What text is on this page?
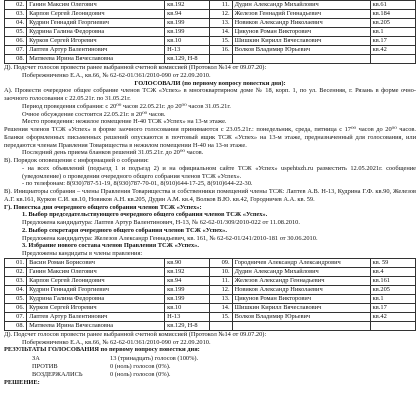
02.	Ганин Максим Олегович	кв.192	11.	Дудин Александр Михайлович	кв.61
03.	Карпов Сергей Леонидович	кв.94	12.	Железов Геннадий Геннадьевич	кв.184
04.	Кудрин Геннадий Георгиевич	кв.199	13.	Новиков Александр Николаевич	кв.205
05.	Кудрина Галина Федоровна	кв.199	14.	Цикунов Роман Викторович	кв.1
06.	Курков Сергей Игоревич	кв.10	15.	Шишкин Кирилл Вячеславович	кв.17
07.	Лаптев Артур Валентинович	Н-13	16.	Волков Владимир Юрьевич	кв.42
08.	Матвеева Ирина Вячеславовна	кв.129, Н-8			

Д). Подсчет голосов провести ранее выбранной счетной комиссией (Протокол №14 от 09.07.20):

Побережниченко Е.А., кв.66, № 62-62-01/361/2010-090 от 22.09.2010.

ГОЛОСОВАЛИ (по первому вопросу повестки дня):

А). Провести очередное общее собрание членов ТСЖ «Успех» в многоквартирном доме № 18, корп. 1, по ул. Весенняя, г. Рязань в форме очно-заочного голосования с 22.05.21г. по 31.05.21г.

Период проведения собрания: с 20⁰⁰ часов 22.05.21г. до 20⁰⁰ часов 31.05.21г.

Очное обсуждение состоится 22.05.21г. в 20⁰⁰ часов.

Место проведения: нежилое помещение Н-40 ТСЖ «Успех» на 13-м этаже.

Решения членов ТСЖ «Успех» в форме заочного голосования принимаются с 23.05.21г.: понедельник, среда, пятница с 17⁰⁰ часов до 20⁰⁰ часов. Бланки оформленных письменных решений опускаются в почтовый ящик ТСЖ «Успех» на 13-м этаже, предназначенный для голосования, или передаются членам Правления Товарищества в нежилом помещении Н-40 на 13-м этаже.

Последний день приема бланков решений 31.05.21г. до 20⁰⁰ часов.

В). Порядок оповещения с информацией о собрании:

- на всех объявлений (подъезд 1 и подъезд 2) и на официальном сайте ТСЖ «Успех» uspehtszh.ru разместить 12.05.2021г. сообщение (уведомление) о проведении очередного общего собрания членов ТСЖ «Успех».

- по телефонам: 8(930)787-51-19, 8(930)787-70-01, 8(910)644-17-25, 8(910)644-22-30.

В). Инициаторы собрания – члены Правления Товарищества и собственники помещений члены ТСЖ: Лаптев А.В. Н-13, Кудрина Г.Ф. кв.90, Железов А.Г. кв.161, Курков С.И. кв.10, Новиков А.Н. кв.205, Дудин А.М. кв.4, Волков В.Ю. кв.42, Городничев А.А. кв. 59.

Г). Повестка дня очередного общего собрания членов ТСЖ «Успех»:

1. Выбор председательствующего очередного общего собрания членов ТСЖ «Успех».

Предложена кандидатура: Лаптев Артур Валентинович, Н-13, № 62-62-01/309/2010-022 от 11.08.2010.

2. Выбор секретаря очередного общего собрания членов ТСЖ «Успех».

Предложена кандидатура: Железов Александр Геннадьевич, кв. 161, № 62-62-01/241/2010-181 от 30.06.2010.

3. Избрание нового состава членов Правления ТСЖ «Успех».

Предложены кандидаты в члены правления:

01.	Васин Роман Борисович	кв.90	09.	Городничев Александр Александрович	кв. 59
02.	Ганин Максим Олегович	кв.192	10.	Дудин Александр Михайлович	кв.4
03.	Карпов Сергей Леонидович	кв.94	11.	Железов Александр Геннадьевич	кв.161
04.	Кудрин Геннадий Георгиевич	кв.199	12.	Новиков Александр Николаевич	кв.205
05.	Кудрина Галина Федоровна	кв.199	13.	Цикунов Роман Викторович	кв.1
06.	Курков Сергей Игоревич	кв.10	14.	Шишкин Кирилл Вячеславович	кв.17
07.	Лаптев Артур Валентинович	Н-13	15.	Волков Владимир Юрьевич	кв.42
08.	Матвеева Ирина Вячеславовна	кв.129, Н-8			

Д). Подсчет голосов провести ранее выбранной счетной комиссией (Протокол №14 от 09.07.20):

Побережниченко Е.А., кв.66, № 62-62-01/361/2010-090 от 22.09.2010.

РЕЗУЛЬТАТЫ ГОЛОСОВАНИЯ по первому вопросу повестки дня:

ЗА	13 (тринадцать) голосов (100%).
ПРОТИВ	0 (ноль) голосов (0%).
ВОЗДЕРЖАЛИСЬ	0 (ноль) голосов (0%).

РЕШЕНИЕ:
